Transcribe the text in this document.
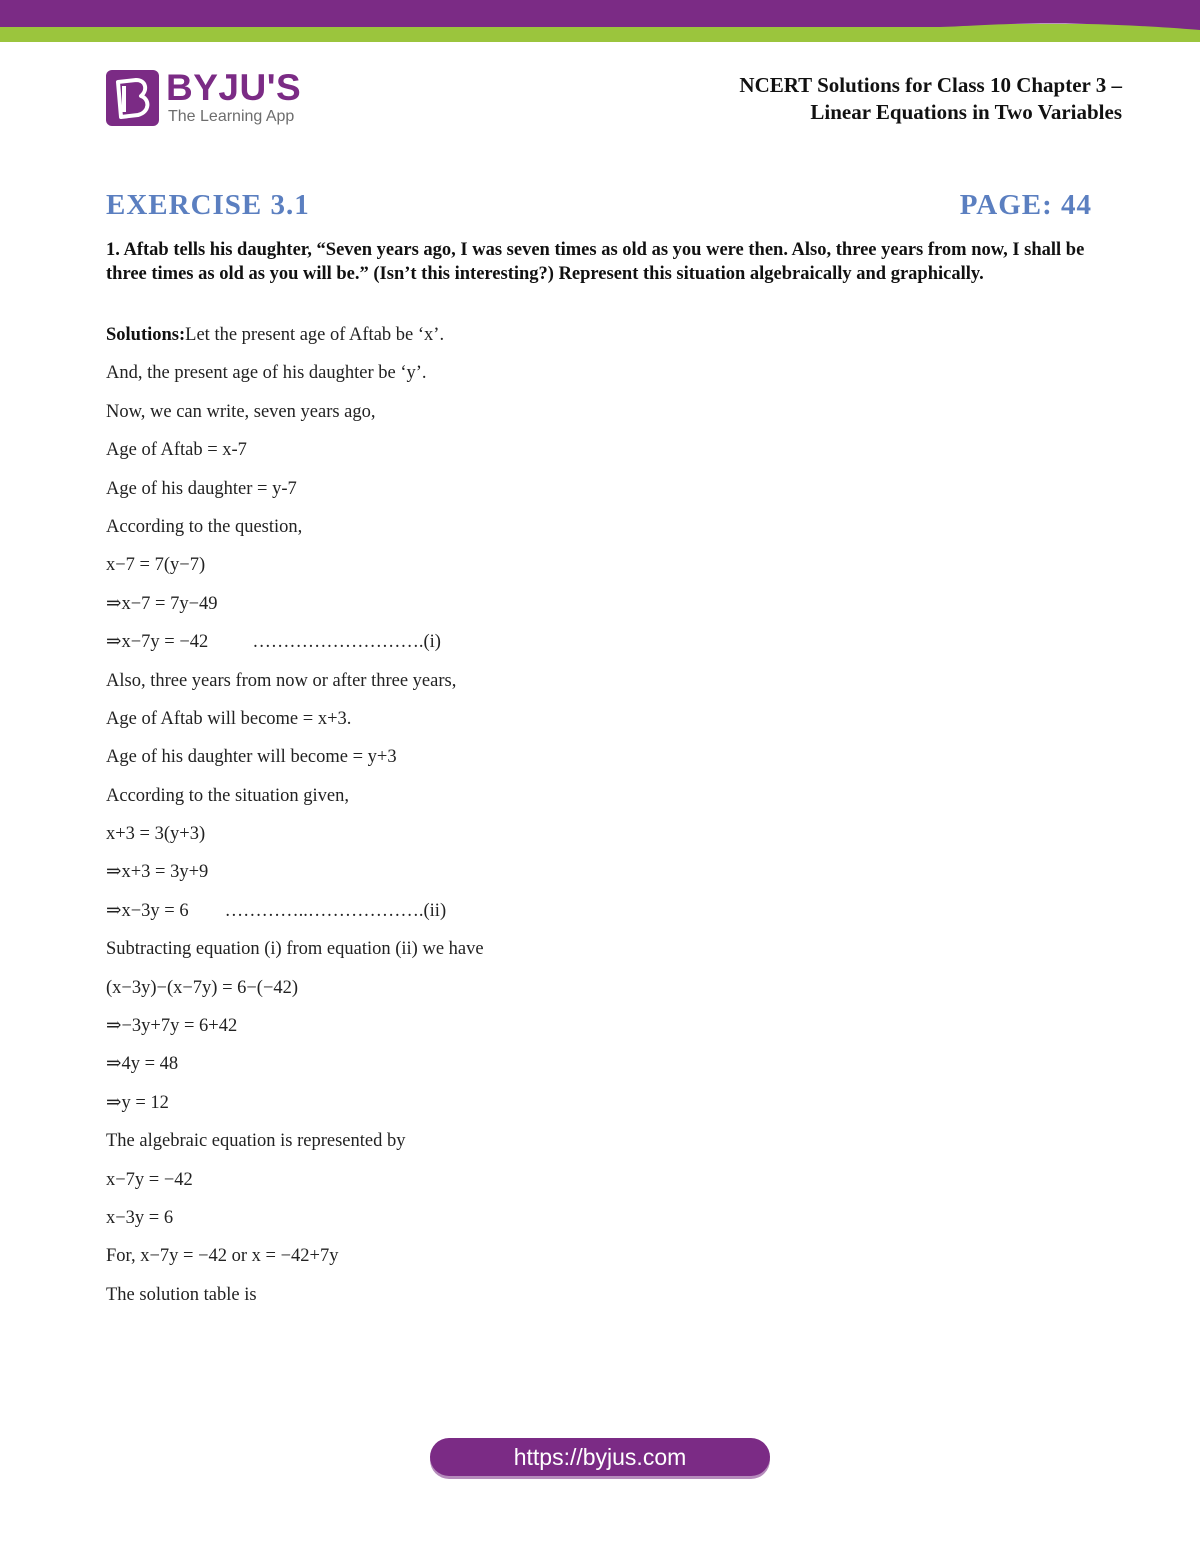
BYJU'S
The Learning App
NCERT Solutions for Class 10 Chapter 3 –
Linear Equations in Two Variables
EXERCISE 3.1	PAGE: 44
1. Aftab tells his daughter, “Seven years ago, I was seven times as old as you were then. Also, three years from now, I shall be three times as old as you will be.” (Isn’t this interesting?) Represent this situation algebraically and graphically.
Solutions:Let the present age of Aftab be ‘x’.
And, the present age of his daughter be ‘y’.
Now, we can write, seven years ago,
Age of Aftab = x-7
Age of his daughter = y-7
According to the question,
x−7 = 7(y−7)
⇒x−7 = 7y−49
⇒x−7y = −42 ……………………….(i)
Also, three years from now or after three years,
Age of Aftab will become = x+3.
Age of his daughter will become = y+3
According to the situation given,
x+3 = 3(y+3)
⇒x+3 = 3y+9
⇒x−3y = 6 …………..……………….(ii)
Subtracting equation (i) from equation (ii) we have
(x−3y)−(x−7y) = 6−(−42)
⇒−3y+7y = 6+42
⇒4y = 48
⇒y = 12
The algebraic equation is represented by
x−7y = −42
x−3y = 6
For, x−7y = −42 or x = −42+7y
The solution table is
https://byjus.com
